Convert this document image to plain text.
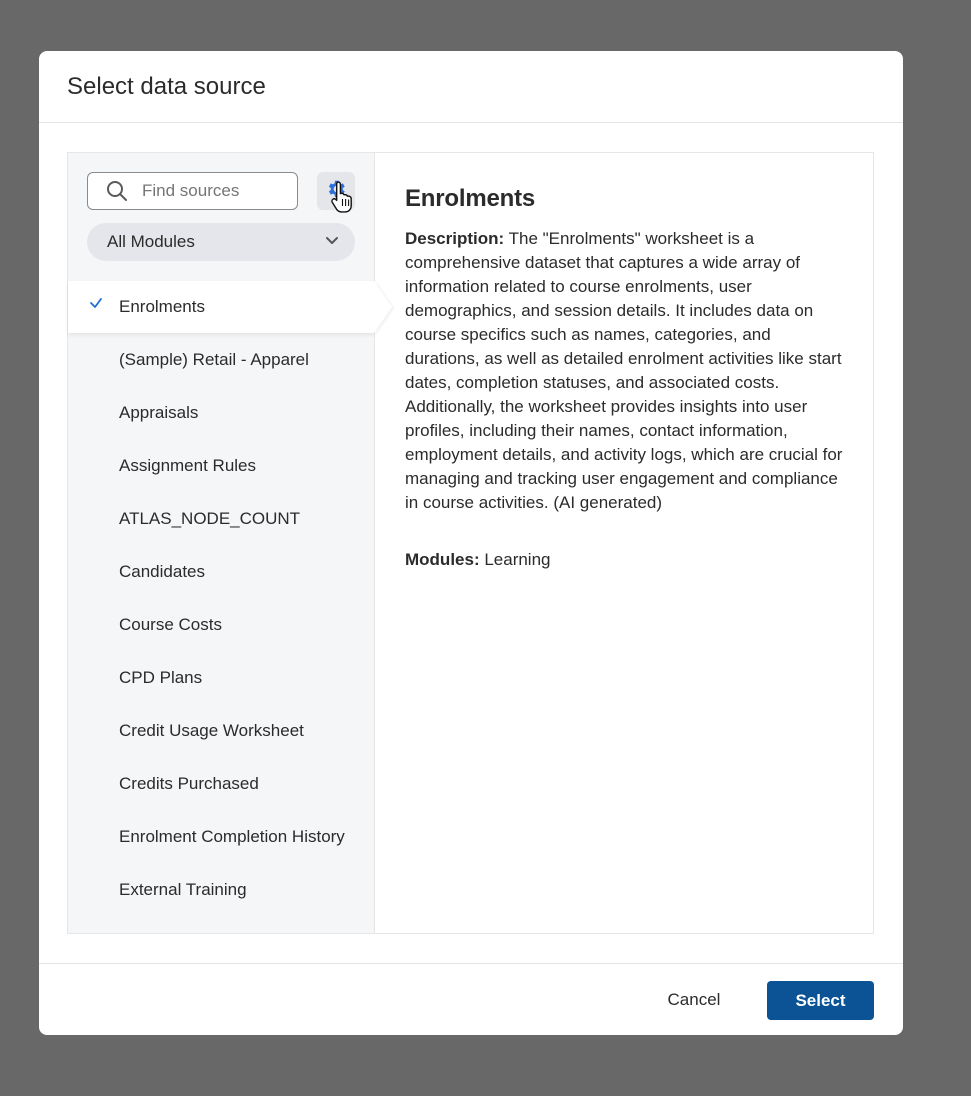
Select data source
Find sources
All Modules
Enrolments
(Sample) Retail - Apparel
Appraisals
Assignment Rules
ATLAS_NODE_COUNT
Candidates
Course Costs
CPD Plans
Credit Usage Worksheet
Credits Purchased
Enrolment Completion History
External Training
Enrolments

Description: The "Enrolments" worksheet is a comprehensive dataset that captures a wide array of information related to course enrolments, user demographics, and session details. It includes data on course specifics such as names, categories, and durations, as well as detailed enrolment activities like start dates, completion statuses, and associated costs. Additionally, the worksheet provides insights into user profiles, including their names, contact information, employment details, and activity logs, which are crucial for managing and tracking user engagement and compliance in course activities. (AI generated)

Modules: Learning

Cancel	Select
